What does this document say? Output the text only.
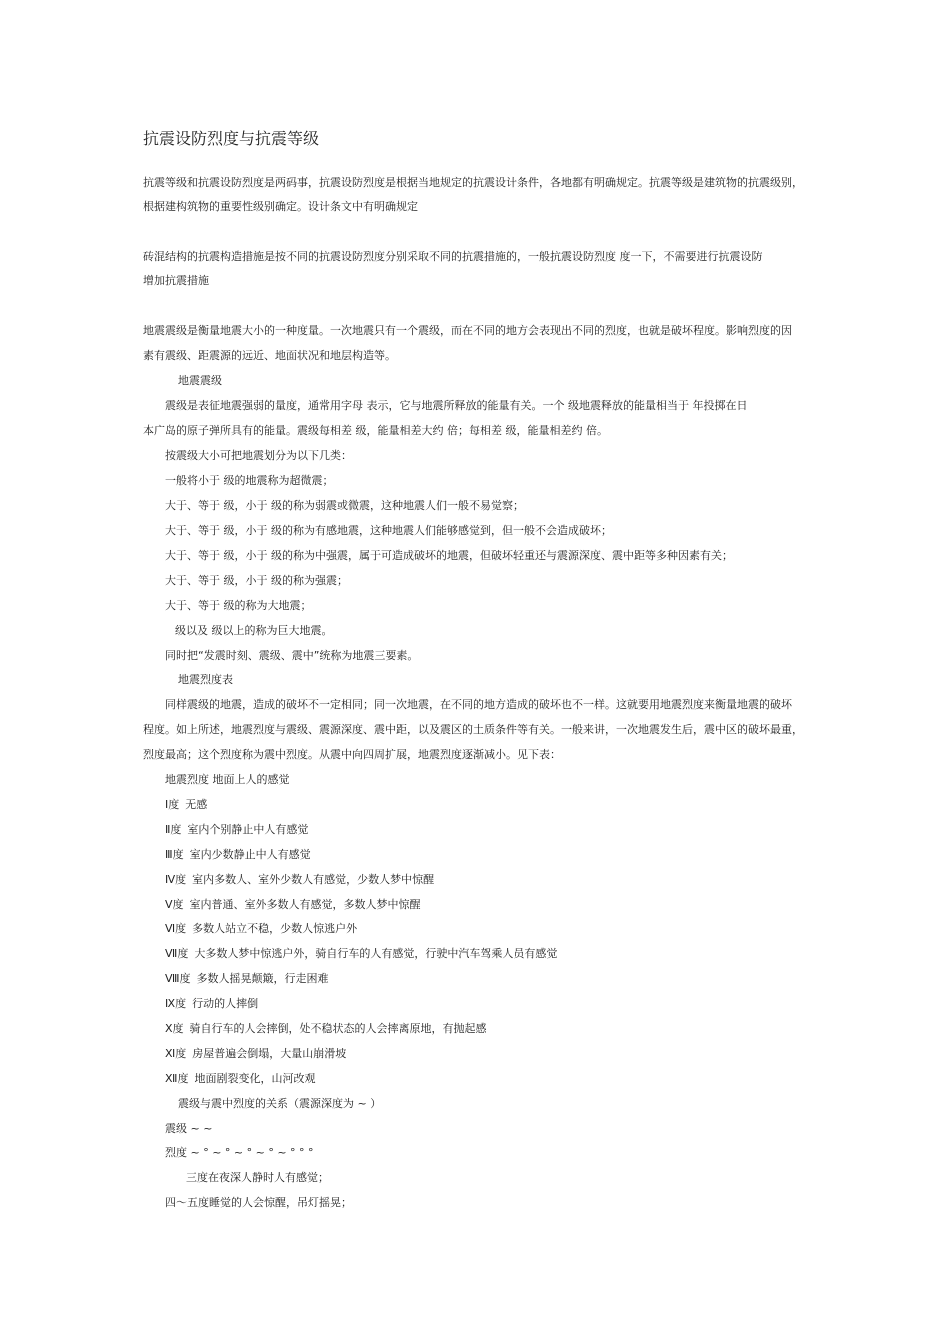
抗震设防烈度与抗震等级
抗震等级和抗震设防烈度是两码事，抗震设防烈度是根据当地规定的抗震设计条件，各地都有明确规定。抗震等级是建筑物的抗震级别，
根据建构筑物的重要性级别确定。设计条文中有明确规定
砖混结构的抗震构造措施是按不同的抗震设防烈度分别采取不同的抗震措施的，一般抗震设防烈度 度一下，不需要进行抗震设防
增加抗震措施
地震震级是衡量地震大小的一种度量。一次地震只有一个震级，而在不同的地方会表现出不同的烈度，也就是破坏程度。影响烈度的因
素有震级、距震源的远近、地面状况和地层构造等。
地震震级
震级是表征地震强弱的量度，通常用字母 表示，它与地震所释放的能量有关。一个 级地震释放的能量相当于 年投掷在日
本广岛的原子弹所具有的能量。震级每相差 级，能量相差大约 倍；每相差 级，能量相差约 倍。
按震级大小可把地震划分为以下几类：
一般将小于 级的地震称为超微震；
大于、等于 级，小于 级的称为弱震或微震，这种地震人们一般不易觉察；
大于、等于 级，小于 级的称为有感地震，这种地震人们能够感觉到，但一般不会造成破坏；
大于、等于 级，小于 级的称为中强震，属于可造成破坏的地震，但破坏轻重还与震源深度、震中距等多种因素有关；
大于、等于 级，小于 级的称为强震；
大于、等于 级的称为大地震；
级以及 级以上的称为巨大地震。
同时把“发震时刻、震级、震中”统称为地震三要素。
地震烈度表
同样震级的地震，造成的破坏不一定相同；同一次地震，在不同的地方造成的破坏也不一样。这就要用地震烈度来衡量地震的破坏
程度。如上所述，地震烈度与震级、震源深度、震中距，以及震区的土质条件等有关。一般来讲，一次地震发生后，震中区的破坏最重，
烈度最高；这个烈度称为震中烈度。从震中向四周扩展，地震烈度逐渐减小。见下表：
地震烈度 地面上人的感觉
Ⅰ度 无感
Ⅱ度 室内个别静止中人有感觉
Ⅲ度 室内少数静止中人有感觉
Ⅳ度 室内多数人、室外少数人有感觉，少数人梦中惊醒
Ⅴ度 室内普通、室外多数人有感觉，多数人梦中惊醒
Ⅵ度 多数人站立不稳，少数人惊逃户外
Ⅶ度 大多数人梦中惊逃户外，骑自行车的人有感觉，行驶中汽车驾乘人员有感觉
Ⅷ度 多数人摇晃颠簸，行走困难
Ⅸ度 行动的人摔倒
Ⅹ度 骑自行车的人会摔倒，处不稳状态的人会摔离原地，有抛起感
Ⅺ度 房屋普遍会倒塌，大量山崩滑坡
Ⅻ度 地面剧裂变化，山河改观
震级与震中烈度的关系（震源深度为 ~ ）
震级 ~ ~
烈度 ~ ° ~ ° ~ ° ~ ° ~ ° ° °
三度在夜深人静时人有感觉；
四～五度睡觉的人会惊醒，吊灯摇晃；
